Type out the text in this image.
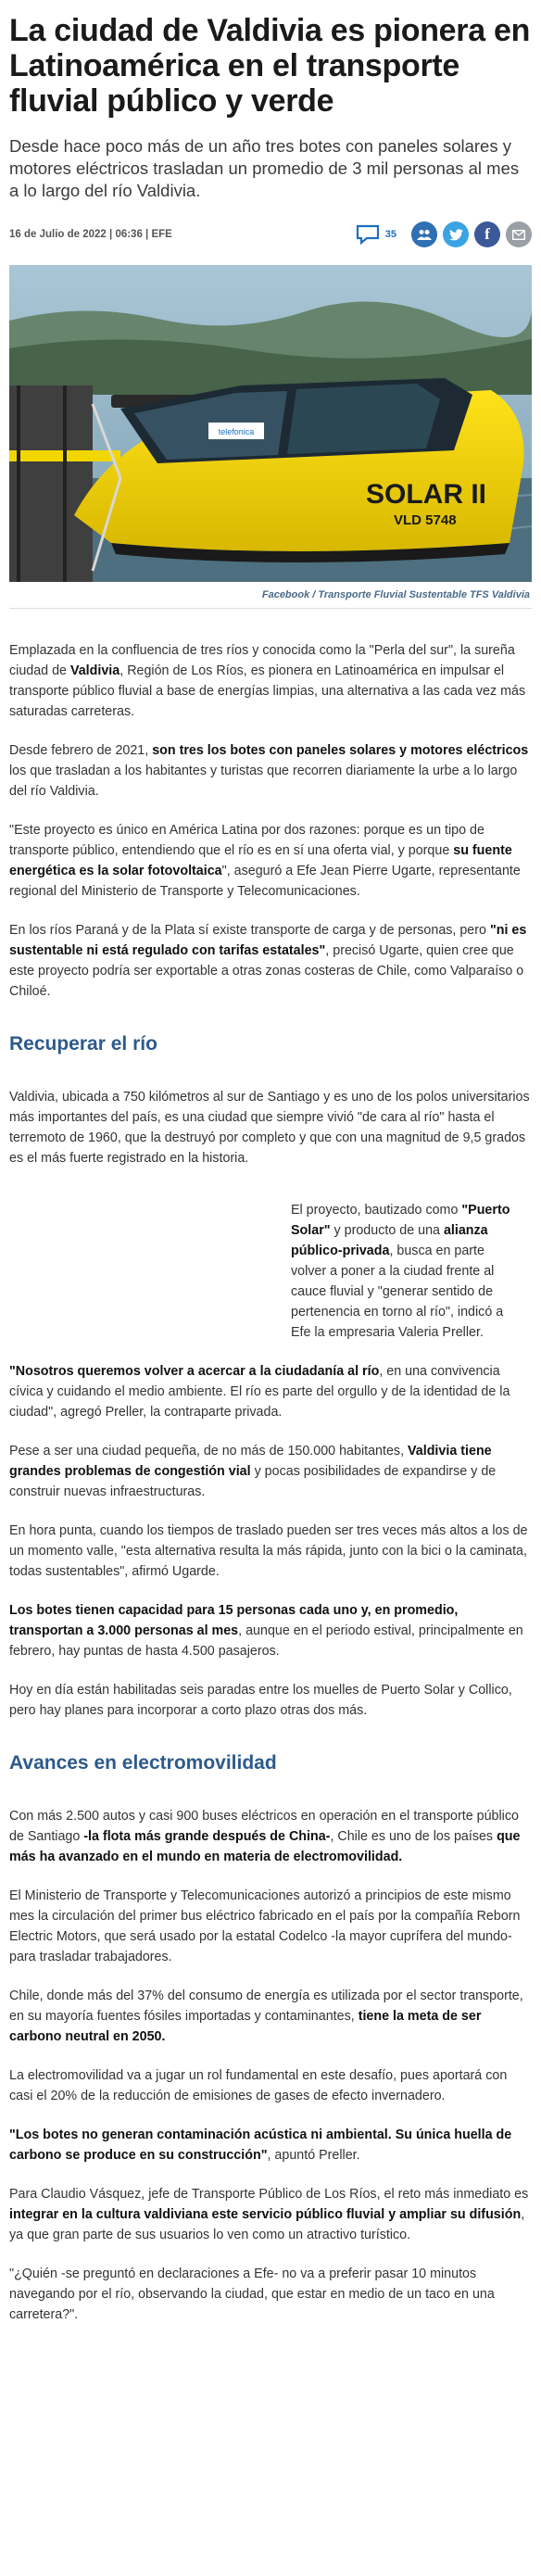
La ciudad de Valdivia es pionera en Latinoamérica en el transporte fluvial público y verde

Desde hace poco más de un año tres botes con paneles solares y motores eléctricos trasladan un promedio de 3 mil personas al mes a lo largo del río Valdivia.

16 de Julio de 2022 | 06:36 | EFE	35	f
telefonica
SOLAR II
VLD 5748
Facebook / Transporte Fluvial Sustentable TFS Valdivia

Emplazada en la confluencia de tres ríos y conocida como la "Perla del sur", la sureña ciudad de Valdivia, Región de Los Ríos, es pionera en Latinoamérica en impulsar el transporte público fluvial a base de energías limpias, una alternativa a las cada vez más saturadas carreteras.

Desde febrero de 2021, son tres los botes con paneles solares y motores eléctricos los que trasladan a los habitantes y turistas que recorren diariamente la urbe a lo largo del río Valdivia.

"Este proyecto es único en América Latina por dos razones: porque es un tipo de transporte público, entendiendo que el río es en sí una oferta vial, y porque su fuente energética es la solar fotovoltaica", aseguró a Efe Jean Pierre Ugarte, representante regional del Ministerio de Transporte y Telecomunicaciones.

En los ríos Paraná y de la Plata sí existe transporte de carga y de personas, pero "ni es sustentable ni está regulado con tarifas estatales", precisó Ugarte, quien cree que este proyecto podría ser exportable a otras zonas costeras de Chile, como Valparaíso o Chiloé.

Recuperar el río

Valdivia, ubicada a 750 kilómetros al sur de Santiago y es uno de los polos universitarios más importantes del país, es una ciudad que siempre vivió "de cara al río" hasta el terremoto de 1960, que la destruyó por completo y que con una magnitud de 9,5 grados es el más fuerte registrado en la historia.

El proyecto, bautizado como "Puerto Solar" y producto de una alianza público-privada, busca en parte volver a poner a la ciudad frente al cauce fluvial y "generar sentido de pertenencia en torno al río", indicó a Efe la empresaria Valeria Preller.

"Nosotros queremos volver a acercar a la ciudadanía al río, en una convivencia cívica y cuidando el medio ambiente. El río es parte del orgullo y de la identidad de la ciudad", agregó Preller, la contraparte privada.

Pese a ser una ciudad pequeña, de no más de 150.000 habitantes, Valdivia tiene grandes problemas de congestión vial y pocas posibilidades de expandirse y de construir nuevas infraestructuras.

En hora punta, cuando los tiempos de traslado pueden ser tres veces más altos a los de un momento valle, "esta alternativa resulta la más rápida, junto con la bici o la caminata, todas sustentables", afirmó Ugarde.

Los botes tienen capacidad para 15 personas cada uno y, en promedio, transportan a 3.000 personas al mes, aunque en el periodo estival, principalmente en febrero, hay puntas de hasta 4.500 pasajeros.

Hoy en día están habilitadas seis paradas entre los muelles de Puerto Solar y Collico, pero hay planes para incorporar a corto plazo otras dos más.

Avances en electromovilidad

Con más 2.500 autos y casi 900 buses eléctricos en operación en el transporte público de Santiago -la flota más grande después de China-, Chile es uno de los países que más ha avanzado en el mundo en materia de electromovilidad.

El Ministerio de Transporte y Telecomunicaciones autorizó a principios de este mismo mes la circulación del primer bus eléctrico fabricado en el país por la compañía Reborn Electric Motors, que será usado por la estatal Codelco -la mayor cuprífera del mundo- para trasladar trabajadores.

Chile, donde más del 37% del consumo de energía es utilizada por el sector transporte, en su mayoría fuentes fósiles importadas y contaminantes, tiene la meta de ser carbono neutral en 2050.

La electromovilidad va a jugar un rol fundamental en este desafío, pues aportará con casi el 20% de la reducción de emisiones de gases de efecto invernadero.

"Los botes no generan contaminación acústica ni ambiental. Su única huella de carbono se produce en su construcción", apuntó Preller.

Para Claudio Vásquez, jefe de Transporte Público de Los Ríos, el reto más inmediato es integrar en la cultura valdiviana este servicio público fluvial y ampliar su difusión, ya que gran parte de sus usuarios lo ven como un atractivo turístico.

"¿Quién -se preguntó en declaraciones a Efe- no va a preferir pasar 10 minutos navegando por el río, observando la ciudad, que estar en medio de un taco en una carretera?".
